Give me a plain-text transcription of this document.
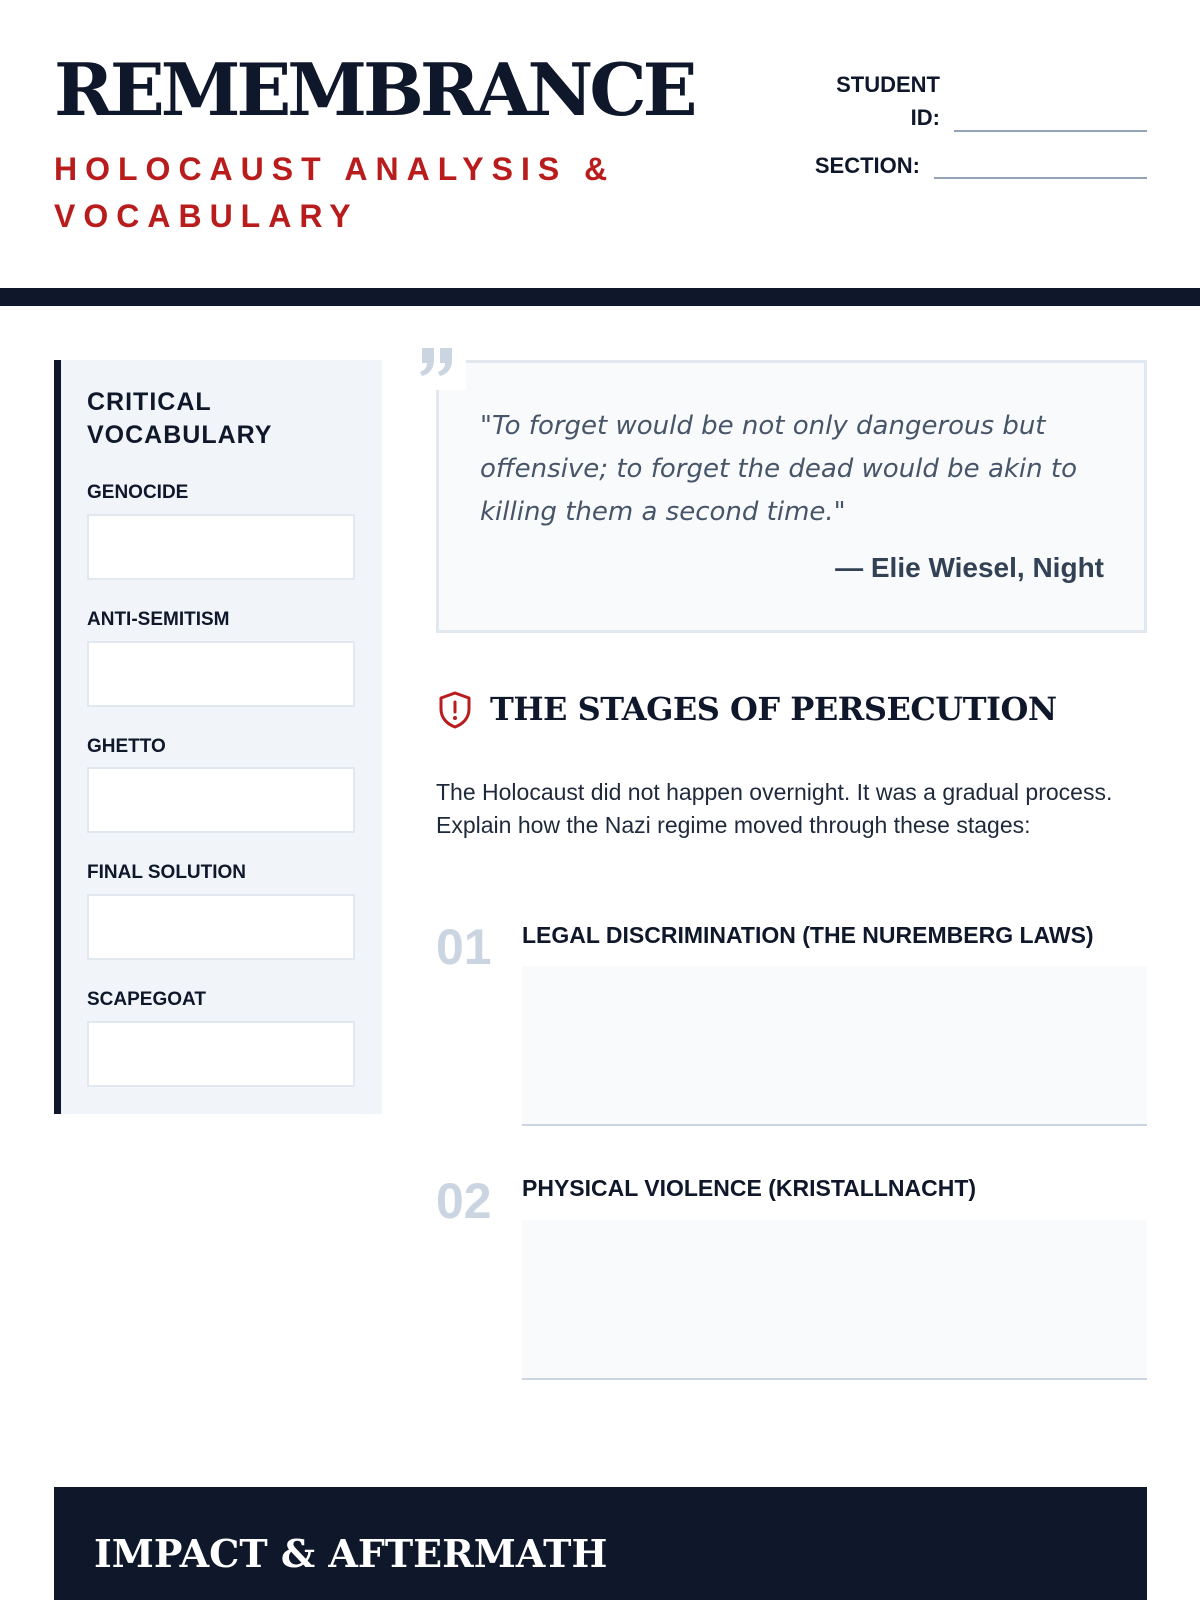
REMEMBRANCE
HOLOCAUST ANALYSIS & VOCABULARY
STUDENT
ID:
SECTION:
CRITICAL VOCABULARY
GENOCIDE
ANTI-SEMITISM
GHETTO
FINAL SOLUTION
SCAPEGOAT
"To forget would be not only dangerous but offensive; to forget the dead would be akin to killing them a second time."
— Elie Wiesel, Night
THE STAGES OF PERSECUTION
The Holocaust did not happen overnight. It was a gradual process. Explain how the Nazi regime moved through these stages:
01 LEGAL DISCRIMINATION (THE NUREMBERG LAWS)
02 PHYSICAL VIOLENCE (KRISTALLNACHT)
IMPACT & AFTERMATH
